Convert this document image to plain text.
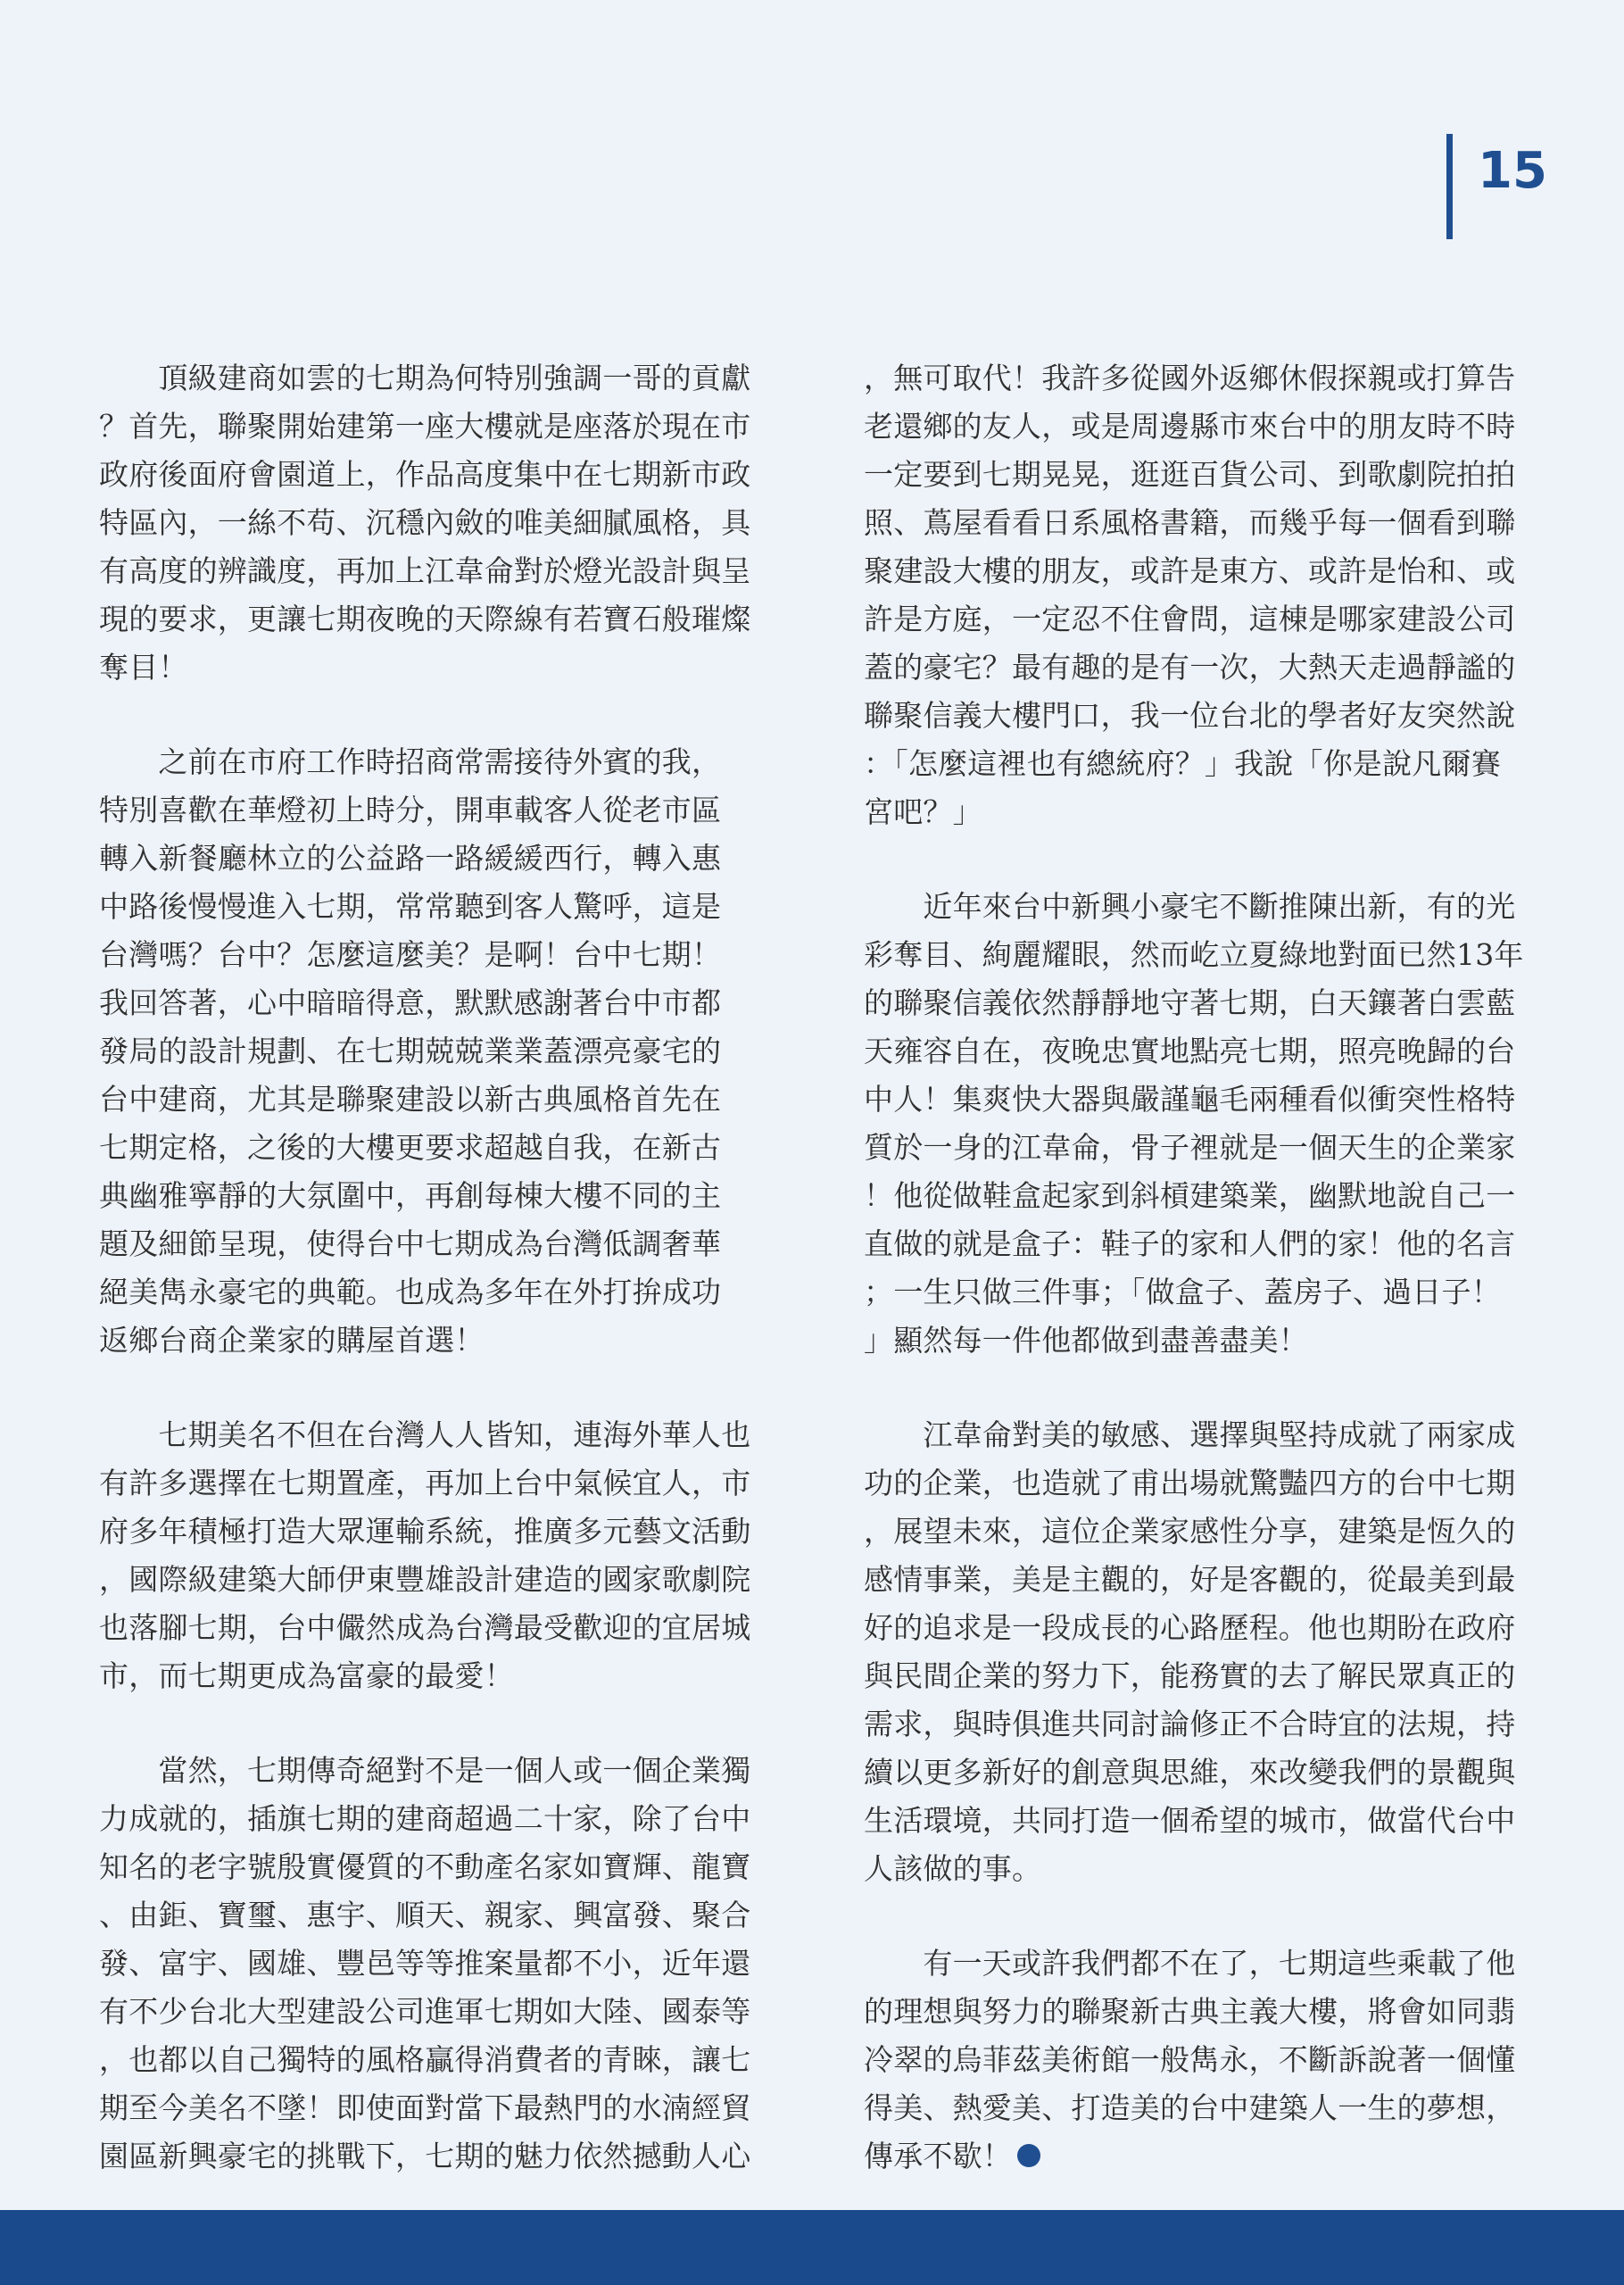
15
　　頂級建商如雲的七期為何特別強調一哥的貢獻
？首先，聯聚開始建第一座大樓就是座落於現在市
政府後面府會園道上，作品高度集中在七期新市政
特區內，一絲不苟、沉穩內斂的唯美細膩風格，具
有高度的辨識度，再加上江韋侖對於燈光設計與呈
現的要求，更讓七期夜晚的天際線有若寶石般璀燦
奪目！
　　之前在市府工作時招商常需接待外賓的我，
特別喜歡在華燈初上時分，開車載客人從老市區
轉入新餐廳林立的公益路一路緩緩西行，轉入惠
中路後慢慢進入七期，常常聽到客人驚呼，這是
台灣嗎？台中？怎麼這麼美？是啊！台中七期！
我回答著，心中暗暗得意，默默感謝著台中市都
發局的設計規劃、在七期兢兢業業蓋漂亮豪宅的
台中建商，尤其是聯聚建設以新古典風格首先在
七期定格，之後的大樓更要求超越自我，在新古
典幽雅寧靜的大氛圍中，再創每棟大樓不同的主
題及細節呈現，使得台中七期成為台灣低調奢華
絕美雋永豪宅的典範。也成為多年在外打拚成功
返鄉台商企業家的購屋首選！
　　七期美名不但在台灣人人皆知，連海外華人也
有許多選擇在七期置產，再加上台中氣候宜人，市
府多年積極打造大眾運輸系統，推廣多元藝文活動
，國際級建築大師伊東豐雄設計建造的國家歌劇院
也落腳七期，台中儼然成為台灣最受歡迎的宜居城
市，而七期更成為富豪的最愛！
　　當然，七期傳奇絕對不是一個人或一個企業獨
力成就的，插旗七期的建商超過二十家，除了台中
知名的老字號殷實優質的不動產名家如寶輝、龍寶
、由鉅、寶璽、惠宇、順天、親家、興富發、聚合
發、富宇、國雄、豐邑等等推案量都不小，近年還
有不少台北大型建設公司進軍七期如大陸、國泰等
，也都以自己獨特的風格贏得消費者的青睞，讓七
期至今美名不墜！即使面對當下最熱門的水湳經貿
園區新興豪宅的挑戰下，七期的魅力依然撼動人心
，無可取代！我許多從國外返鄉休假探親或打算告
老還鄉的友人，或是周邊縣市來台中的朋友時不時
一定要到七期晃晃，逛逛百貨公司、到歌劇院拍拍
照、蔦屋看看日系風格書籍，而幾乎每一個看到聯
聚建設大樓的朋友，或許是東方、或許是怡和、或
許是方庭，一定忍不住會問，這棟是哪家建設公司
蓋的豪宅？最有趣的是有一次，大熱天走過靜謐的
聯聚信義大樓門口，我一位台北的學者好友突然說
：「怎麼這裡也有總統府？」我說「你是說凡爾賽
宮吧？」
　　近年來台中新興小豪宅不斷推陳出新，有的光
彩奪目、絢麗耀眼，然而屹立夏綠地對面已然13年
的聯聚信義依然靜靜地守著七期，白天鑲著白雲藍
天雍容自在，夜晚忠實地點亮七期，照亮晚歸的台
中人！集爽快大器與嚴謹龜毛兩種看似衝突性格特
質於一身的江韋侖，骨子裡就是一個天生的企業家
！他從做鞋盒起家到斜槓建築業，幽默地說自己一
直做的就是盒子：鞋子的家和人們的家！他的名言
；一生只做三件事；「做盒子、蓋房子、過日子！
」顯然每一件他都做到盡善盡美！
　　江韋侖對美的敏感、選擇與堅持成就了兩家成
功的企業，也造就了甫出場就驚豔四方的台中七期
，展望未來，這位企業家感性分享，建築是恆久的
感情事業，美是主觀的，好是客觀的，從最美到最
好的追求是一段成長的心路歷程。他也期盼在政府
與民間企業的努力下，能務實的去了解民眾真正的
需求，與時俱進共同討論修正不合時宜的法規，持
續以更多新好的創意與思維，來改變我們的景觀與
生活環境，共同打造一個希望的城市，做當代台中
人該做的事。
　　有一天或許我們都不在了，七期這些乘載了他
的理想與努力的聯聚新古典主義大樓，將會如同翡
冷翠的烏菲茲美術館一般雋永，不斷訴說著一個懂
得美、熱愛美、打造美的台中建築人一生的夢想，
傳承不歇！
